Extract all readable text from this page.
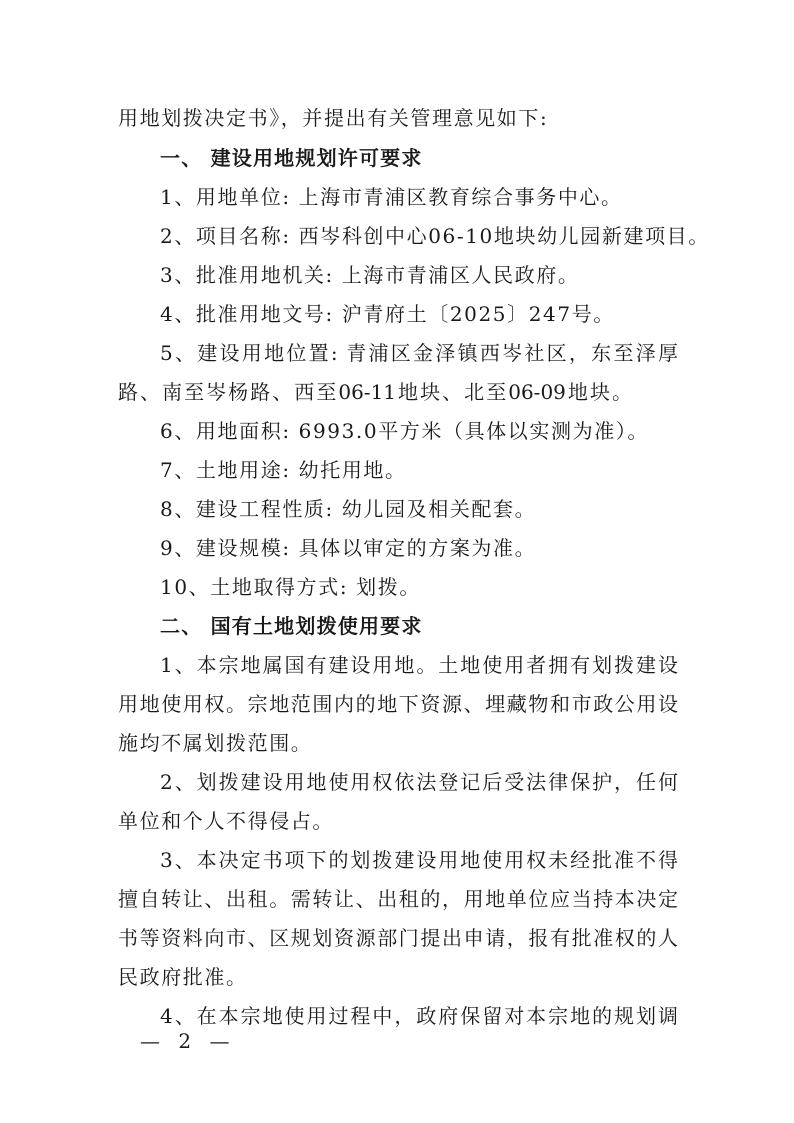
用地划拨决定书》，并提出有关管理意见如下:
一、 建设用地规划许可要求
1、用地单位: 上海市青浦区教育综合事务中心。
2、项目名称: 西岑科创中心06-10地块幼儿园新建项目。
3、批准用地机关: 上海市青浦区人民政府。
4、批准用地文号: 沪青府土〔2025〕247号。
5、建设用地位置: 青浦区金泽镇西岑社区，东至泽厚
路、南至岑杨路、西至06-11地块、北至06-09地块。
6、用地面积: 6993.0平方米（具体以实测为准）。
7、土地用途: 幼托用地。
8、建设工程性质: 幼儿园及相关配套。
9、建设规模: 具体以审定的方案为准。
10、土地取得方式: 划拨。
二、 国有土地划拨使用要求
1、本宗地属国有建设用地。土地使用者拥有划拨建设
用地使用权。宗地范围内的地下资源、埋藏物和市政公用设
施均不属划拨范围。
2、划拨建设用地使用权依法登记后受法律保护，任何
单位和个人不得侵占。
3、本决定书项下的划拨建设用地使用权未经批准不得
擅自转让、出租。需转让、出租的，用地单位应当持本决定
书等资料向市、区规划资源部门提出申请，报有批准权的人
民政府批准。
4、在本宗地使用过程中，政府保留对本宗地的规划调
— 2 —
